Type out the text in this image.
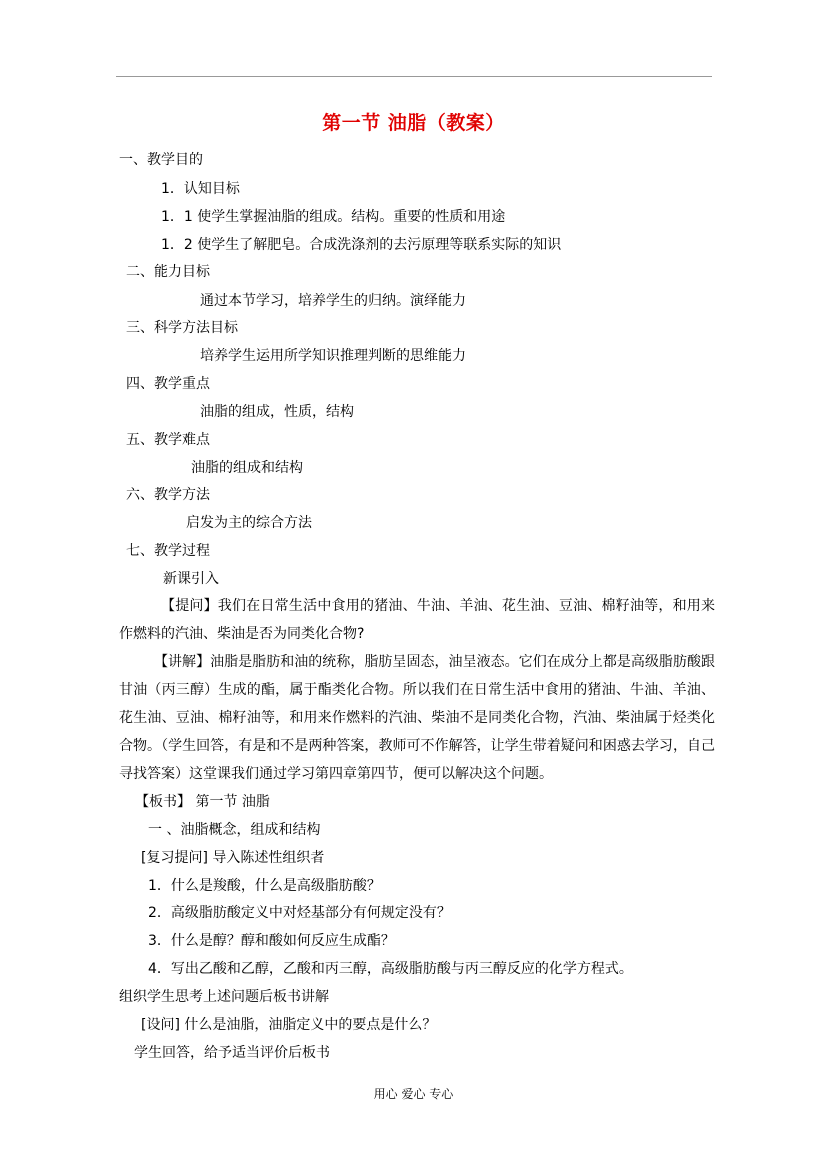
第一节 油脂（教案）
一、教学目的
1．认知目标
1．1 使学生掌握油脂的组成。结构。重要的性质和用途
1．2 使学生了解肥皂。合成洗涤剂的去污原理等联系实际的知识
二、能力目标
通过本节学习，培养学生的归纳。演绎能力
三、科学方法目标
培养学生运用所学知识推理判断的思维能力
四、教学重点
油脂的组成，性质，结构
五、教学难点
油脂的组成和结构
六、教学方法
启发为主的综合方法
七、教学过程
新课引入
【提问】我们在日常生活中食用的猪油、牛油、羊油、花生油、豆油、棉籽油等，和用来作燃料的汽油、柴油是否为同类化合物?
【讲解】油脂是脂肪和油的统称，脂肪呈固态，油呈液态。它们在成分上都是高级脂肪酸跟甘油（丙三醇）生成的酯，属于酯类化合物。所以我们在日常生活中食用的猪油、牛油、羊油、花生油、豆油、棉籽油等，和用来作燃料的汽油、柴油不是同类化合物，汽油、柴油属于烃类化合物。（学生回答，有是和不是两种答案，教师可不作解答，让学生带着疑问和困惑去学习，自己寻找答案）这堂课我们通过学习第四章第四节，便可以解决这个问题。
【板书】 第一节 油脂
一 、油脂概念，组成和结构
[复习提问] 导入陈述性组织者
1．什么是羧酸，什么是高级脂肪酸？
2．高级脂肪酸定义中对烃基部分有何规定没有？
3．什么是醇？醇和酸如何反应生成酯？
4．写出乙酸和乙醇，乙酸和丙三醇，高级脂肪酸与丙三醇反应的化学方程式。
组织学生思考上述问题后板书讲解
[设问] 什么是油脂，油脂定义中的要点是什么？
学生回答，给予适当评价后板书
用心 爱心 专心
